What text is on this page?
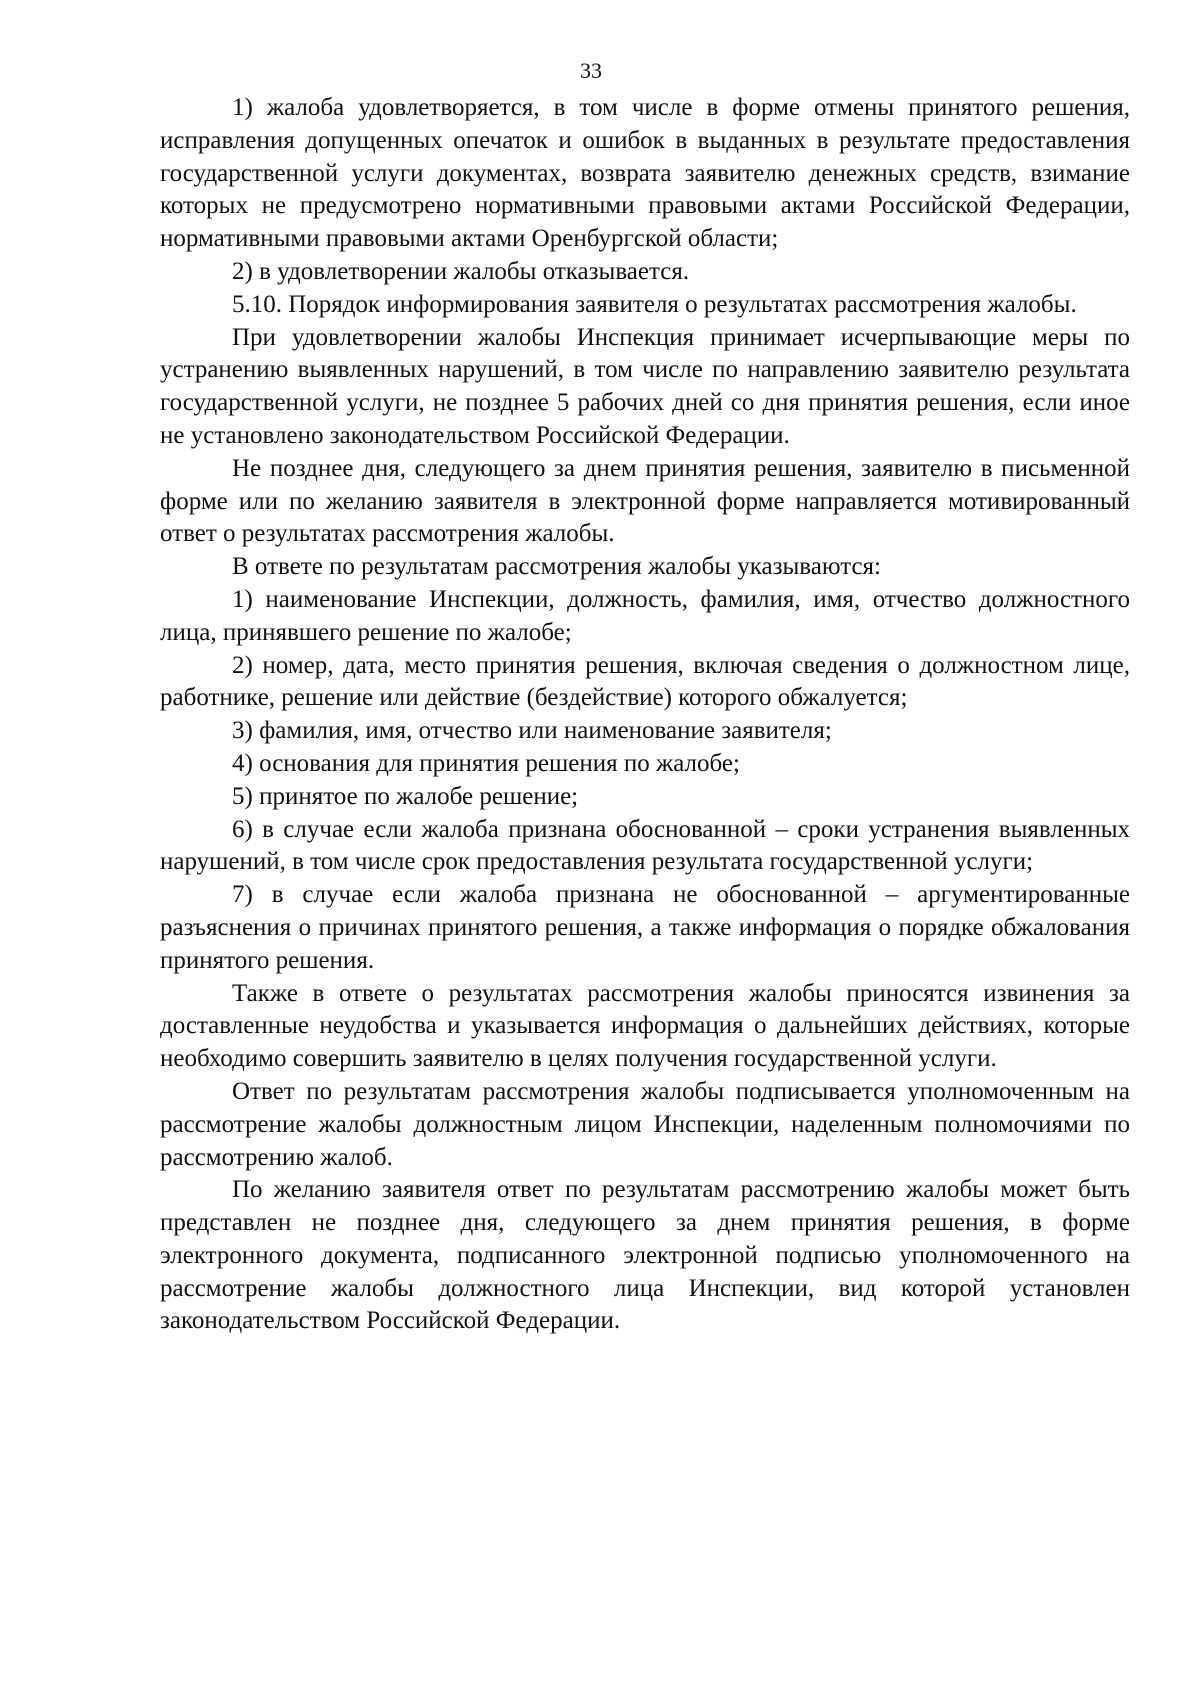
33

1) жалоба удовлетворяется, в том числе в форме отмены принятого решения, исправления допущенных опечаток и ошибок в выданных в результате предоставления государственной услуги документах, возврата заявителю денежных средств, взимание которых не предусмотрено нормативными правовыми актами Российской Федерации, нормативными правовыми актами Оренбургской области;

2) в удовлетворении жалобы отказывается.

5.10. Порядок информирования заявителя о результатах рассмотрения жалобы.

При удовлетворении жалобы Инспекция принимает исчерпывающие меры по устранению выявленных нарушений, в том числе по направлению заявителю результата государственной услуги, не позднее 5 рабочих дней со дня принятия решения, если иное не установлено законодательством Российской Федерации.

Не позднее дня, следующего за днем принятия решения, заявителю в письменной форме или по желанию заявителя в электронной форме направляется мотивированный ответ о результатах рассмотрения жалобы.

В ответе по результатам рассмотрения жалобы указываются:

1) наименование Инспекции, должность, фамилия, имя, отчество должностного лица, принявшего решение по жалобе;

2) номер, дата, место принятия решения, включая сведения о должностном лице, работнике, решение или действие (бездействие) которого обжалуется;

3) фамилия, имя, отчество или наименование заявителя;

4) основания для принятия решения по жалобе;

5) принятое по жалобе решение;

6) в случае если жалоба признана обоснованной – сроки устранения выявленных нарушений, в том числе срок предоставления результата государственной услуги;

7) в случае если жалоба признана не обоснованной – аргументированные разъяснения о причинах принятого решения, а также информация о порядке обжалования принятого решения.

Также в ответе о результатах рассмотрения жалобы приносятся извинения за доставленные неудобства и указывается информация о дальнейших действиях, которые необходимо совершить заявителю в целях получения государственной услуги.

Ответ по результатам рассмотрения жалобы подписывается уполномоченным на рассмотрение жалобы должностным лицом Инспекции, наделенным полномочиями по рассмотрению жалоб.

По желанию заявителя ответ по результатам рассмотрению жалобы может быть представлен не позднее дня, следующего за днем принятия решения, в форме электронного документа, подписанного электронной подписью уполномоченного на рассмотрение жалобы должностного лица Инспекции, вид которой установлен законодательством Российской Федерации.
